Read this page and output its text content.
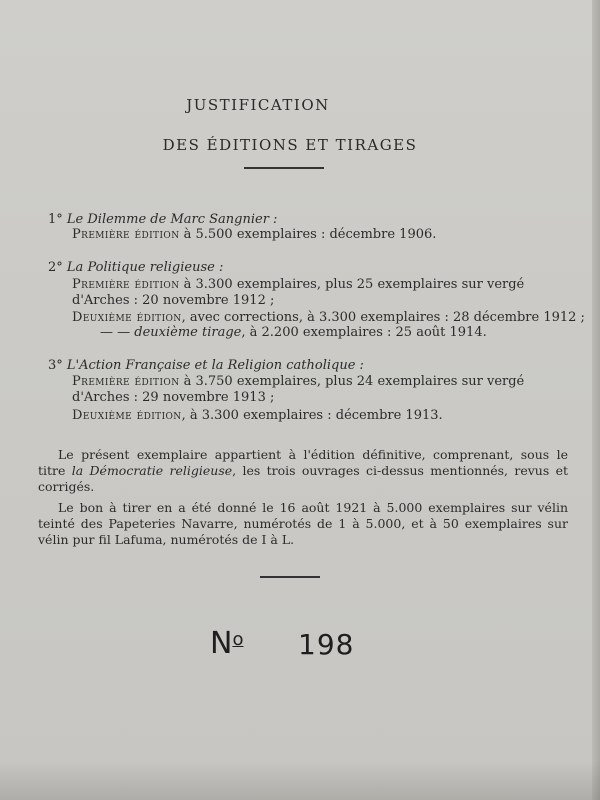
JUSTIFICATION
DES ÉDITIONS ET TIRAGES
1° Le Dilemme de Marc Sangnier :
Première édition à 5.500 exemplaires : décembre 1906.
2° La Politique religieuse :
Première édition à 3.300 exemplaires, plus 25 exemplaires sur vergé
d'Arches : 20 novembre 1912 ;
Deuxième édition, avec corrections, à 3.300 exemplaires : 28 décembre 1912 ;
— — deuxième tirage, à 2.200 exemplaires : 25 août 1914.
3° L'Action Française et la Religion catholique :
Première édition à 3.750 exemplaires, plus 24 exemplaires sur vergé
d'Arches : 29 novembre 1913 ;
Deuxième édition, à 3.300 exemplaires : décembre 1913.
Le présent exemplaire appartient à l'édition définitive, comprenant, sous le titre la Démocratie religieuse, les trois ouvrages ci-dessus mentionnés, revus et corrigés.
Le bon à tirer en a été donné le 16 août 1921 à 5.000 exemplaires sur vélin teinté des Papeteries Navarre, numérotés de 1 à 5.000, et à 50 exemplaires sur vélin pur fil Lafuma, numérotés de I à L.
$N^o$ 198
